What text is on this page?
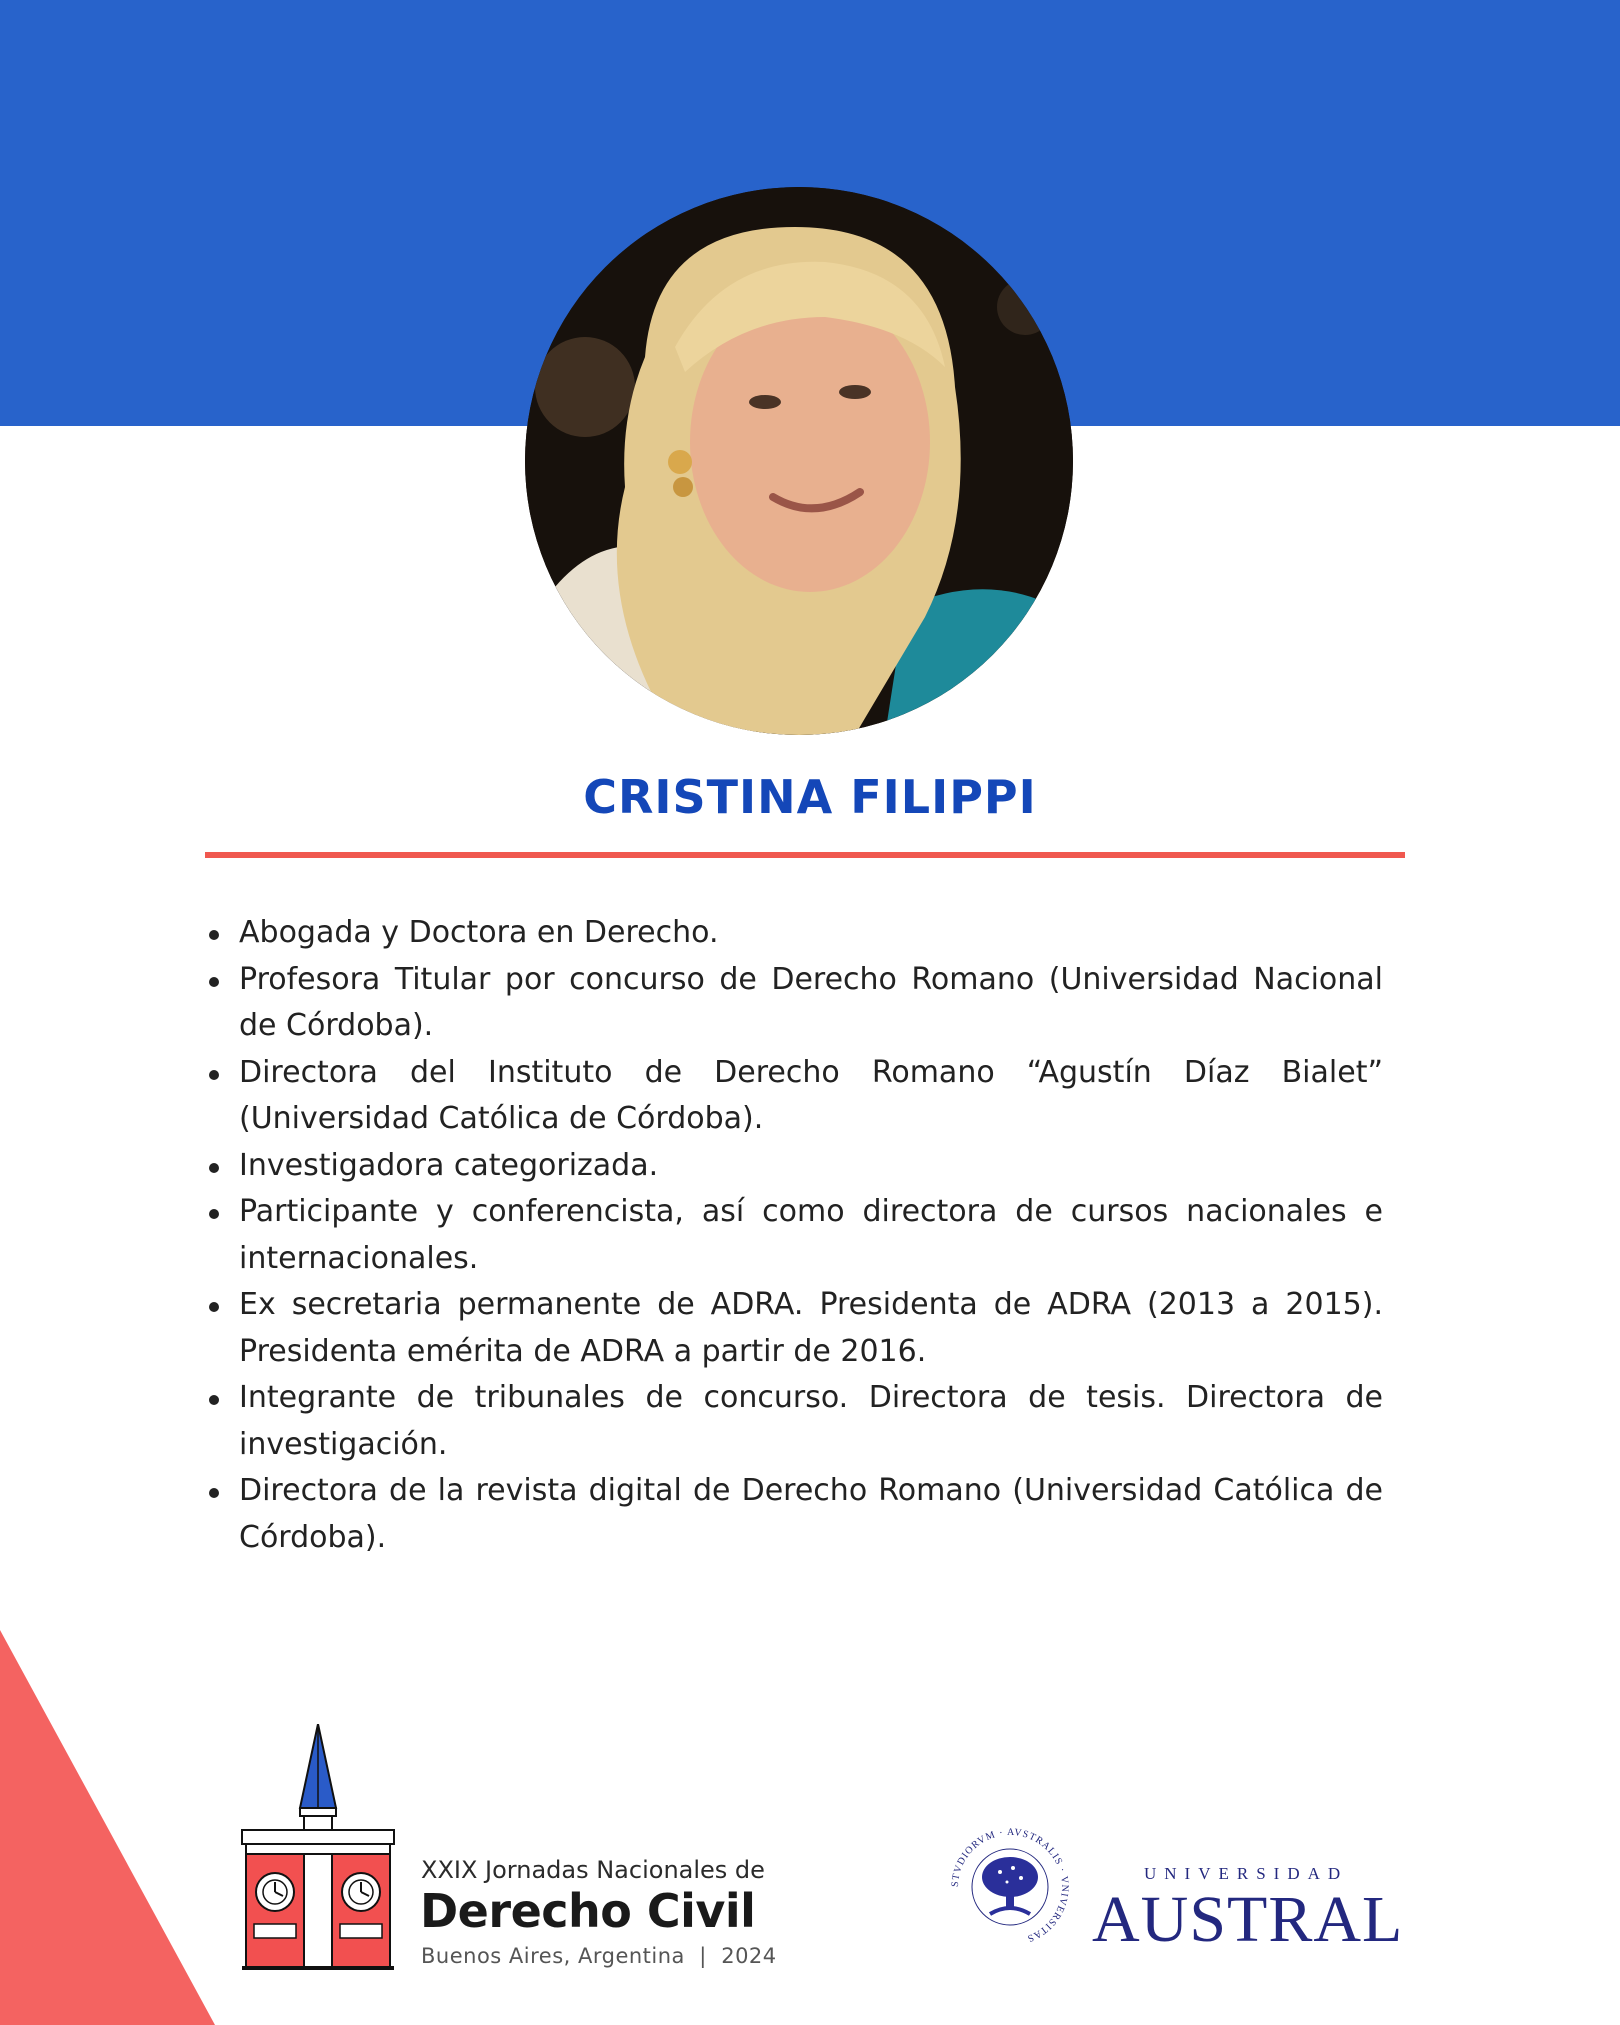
CRISTINA FILIPPI
Abogada y Doctora en Derecho.
Profesora Titular por concurso de Derecho Romano (Universidad Nacional de Córdoba).
Directora del Instituto de Derecho Romano “Agustín Díaz Bialet” (Universidad Católica de Córdoba).
Investigadora categorizada.
Participante y conferencista, así como directora de cursos nacionales e internacionales.
Ex secretaria permanente de ADRA. Presidenta de ADRA (2013 a 2015). Presidenta emérita de ADRA a partir de 2016.
Integrante de tribunales de concurso. Directora de tesis. Directora de investigación.
Directora de la revista digital de Derecho Romano (Universidad Católica de Córdoba).
XXIX Jornadas Nacionales de
Derecho Civil
Buenos Aires, Argentina  |  2024
STVDIORVM · AVSTRALIS · VNIVERSITAS
UNIVERSIDAD
AUSTRAL
